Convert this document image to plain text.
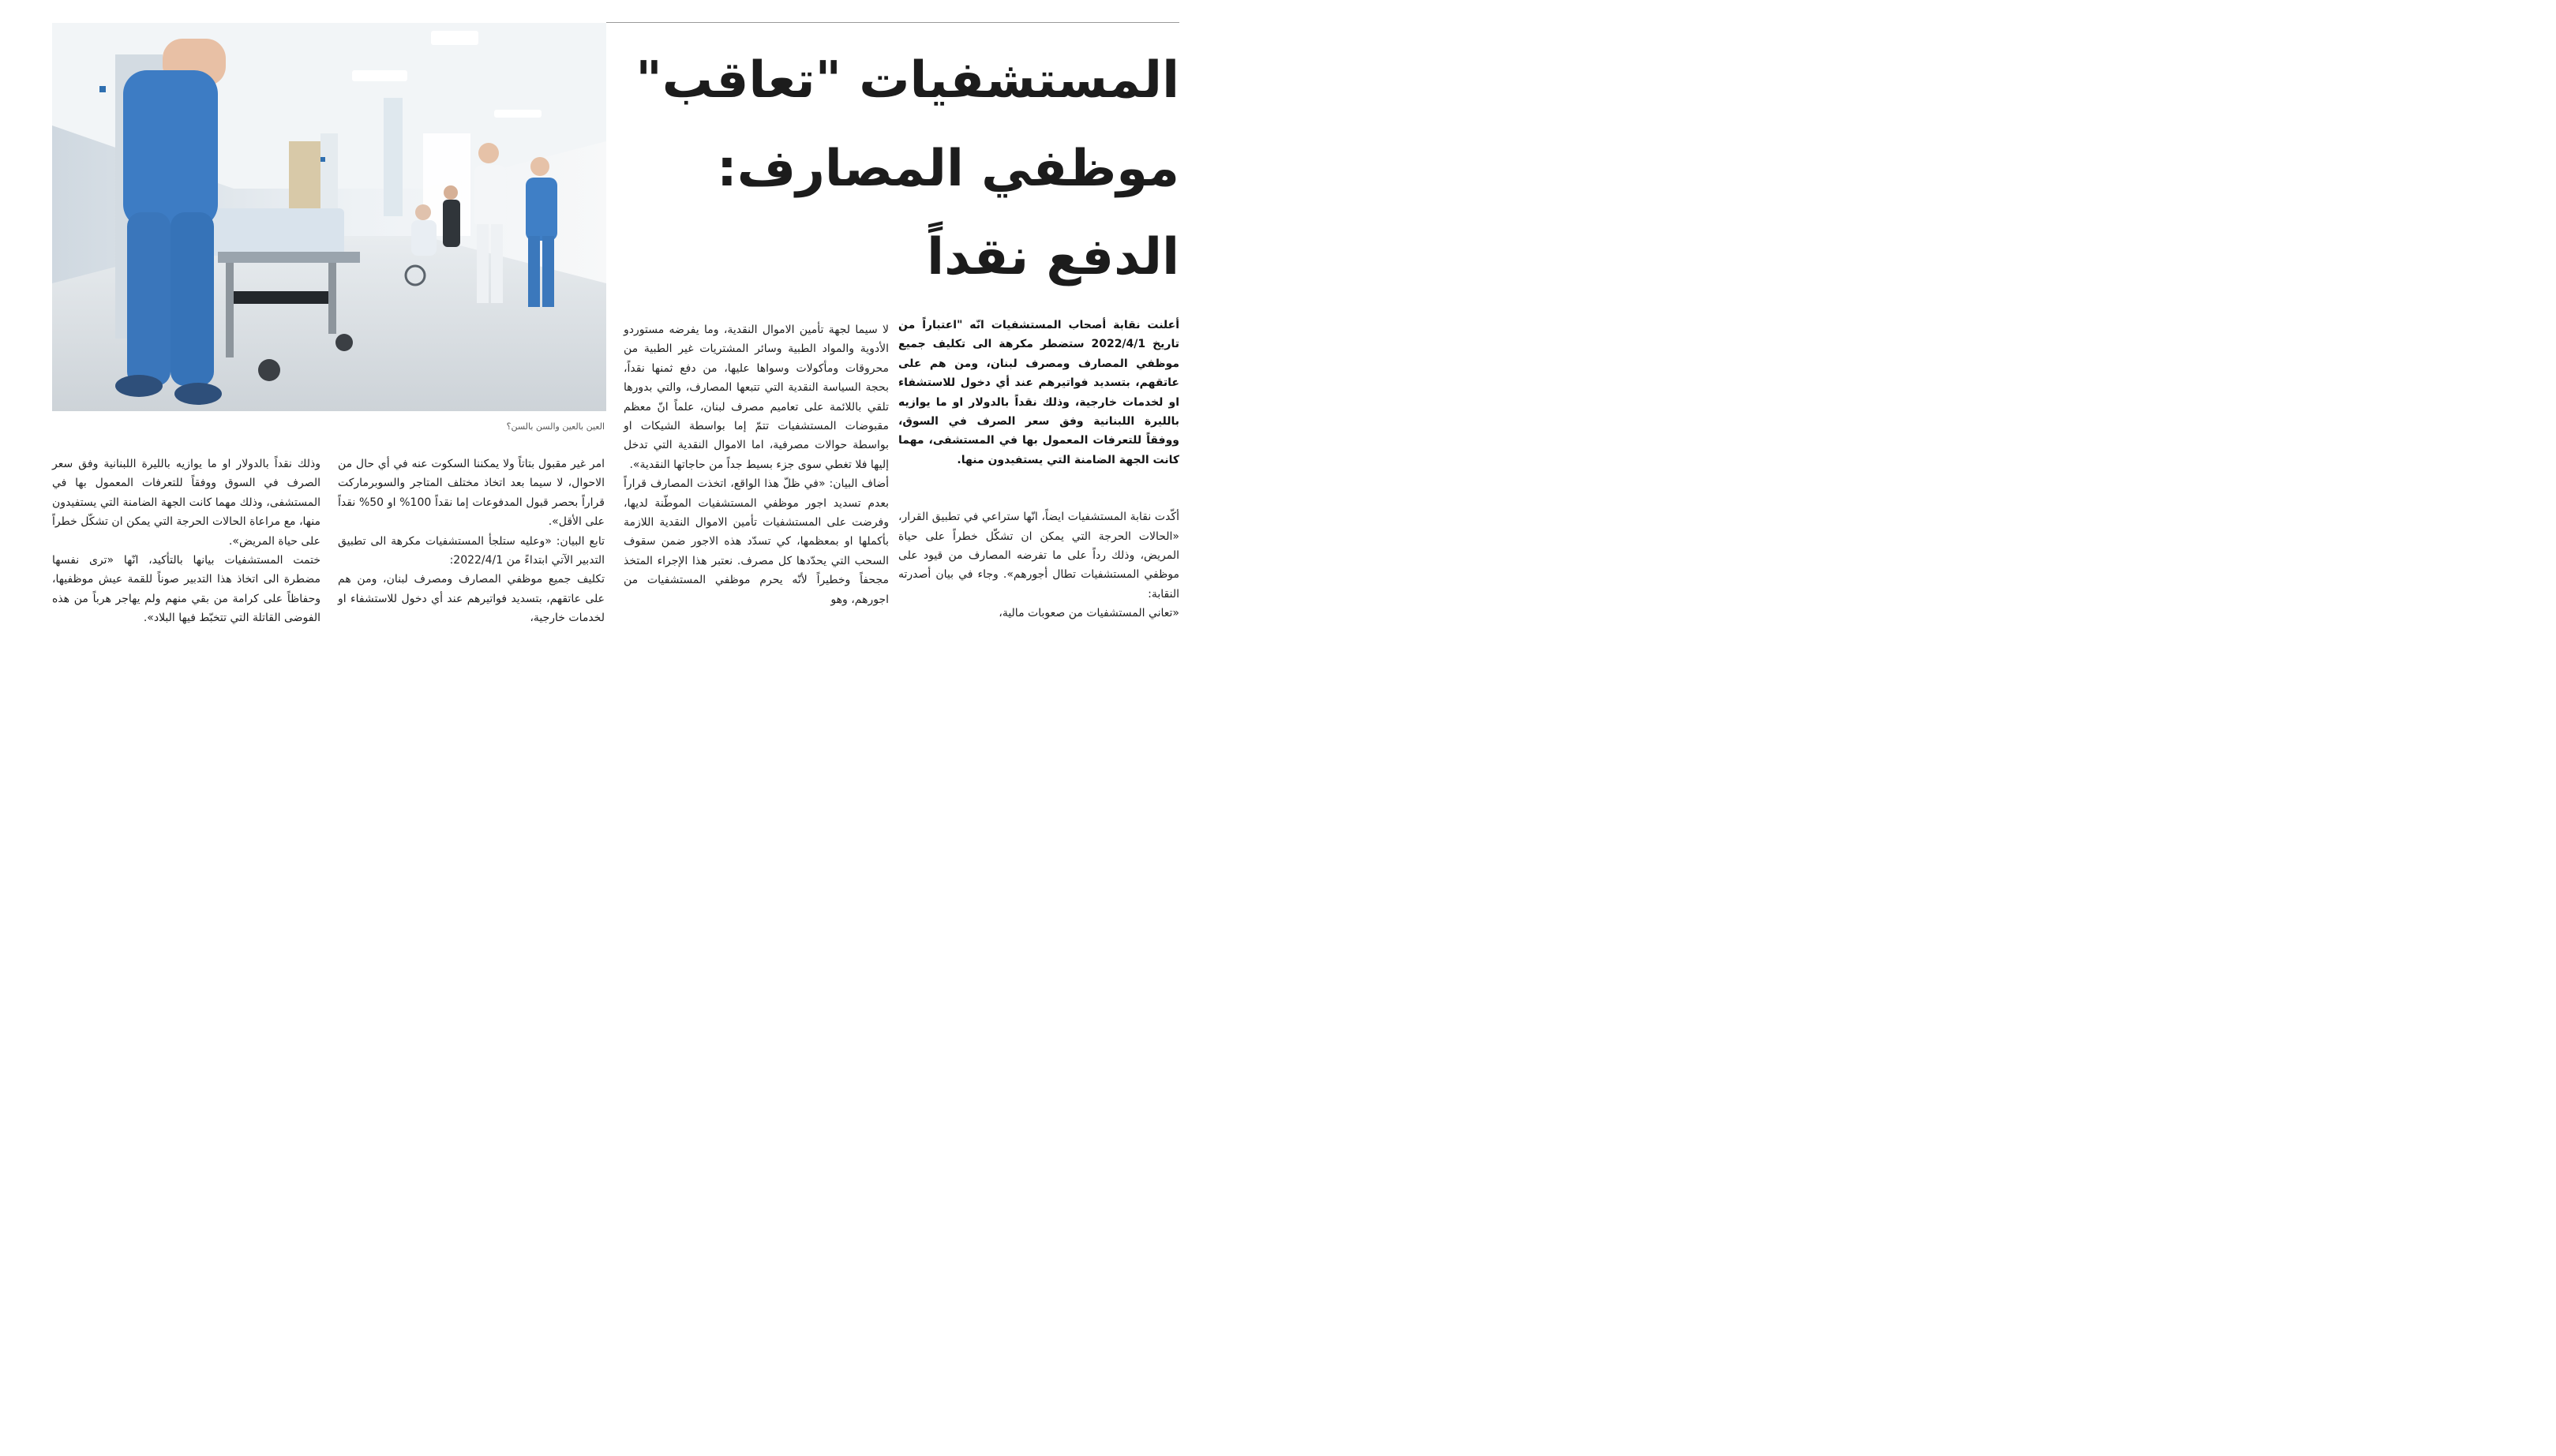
العين بالعين والسن بالسن؟
المستشفيات "تعاقب"
موظفي المصارف:
الدفع نقداً

أعلنت نقابة أصحاب المستشفيات انّه "اعتباراً من تاريخ 2022/4/1 ستضطر مكرهة الى تكليف جميع موظفي المصارف ومصرف لبنان، ومن هم على عاتقهم، بتسديد فواتيرهم عند أي دخول للاستشفاء او لخدمات خارجية، وذلك نقداً بالدولار او ما يوازيه بالليرة اللبنانية وفق سعر الصرف في السوق، ووفقاً للتعرفات المعمول بها في المستشفى، مهما كانت الجهة الضامنة التي يستفيدون منها.

أكّدت نقابة المستشفيات ايضاً، انّها ستراعي في تطبيق القرار، «الحالات الحرجة التي يمكن ان تشكّل خطراً على حياة المريض، وذلك رداً على ما تفرضه المصارف من قيود على موظفي المستشفيات تطال أجورهم». وجاء في بيان أصدرته النقابة:

«تعاني المستشفيات من صعوبات مالية،

لا سيما لجهة تأمين الاموال النقدية، وما يفرضه مستوردو الأدوية والمواد الطبية وسائر المشتريات غير الطبية من محروقات ومأكولات وسواها عليها، من دفع ثمنها نقداً، بحجة السياسة النقدية التي تتبعها المصارف، والتي بدورها تلقي باللائمة على تعاميم مصرف لبنان، علماً انّ معظم مقبوضات المستشفيات تتمّ إما بواسطة الشيكات او بواسطة حوالات مصرفية، اما الاموال النقدية التي تدخل إليها فلا تغطي سوى جزء بسيط جداً من حاجاتها النقدية».

أضاف البيان: «في ظلّ هذا الواقع، اتخذت المصارف قراراً بعدم تسديد اجور موظفي المستشفيات الموطّنة لديها، وفرضت على المستشفيات تأمين الاموال النقدية اللازمة بأكملها او بمعظمها، كي تسدّد هذه الاجور ضمن سقوف السحب التي يحدّدها كل مصرف. نعتبر هذا الإجراء المتخذ مجحفاً وخطيراً لأنّه يحرم موظفي المستشفيات من اجورهم، وهو

امر غير مقبول بتاتاً ولا يمكننا السكوت عنه في أي حال من الاحوال، لا سيما بعد اتخاذ مختلف المتاجر والسوبرماركت قراراً بحصر قبول المدفوعات إما نقداً 100% او 50% نقداً على الأقل».

تابع البيان: «وعليه ستلجأ المستشفيات مكرهة الى تطبيق التدبير الآتي ابتداءً من 2022/4/1:

تكليف جميع موظفي المصارف ومصرف لبنان، ومن هم على عاتقهم، بتسديد فواتيرهم عند أي دخول للاستشفاء او لخدمات خارجية،

وذلك نقداً بالدولار او ما يوازيه بالليرة اللبنانية وفق سعر الصرف في السوق ووفقاً للتعرفات المعمول بها في المستشفى، وذلك مهما كانت الجهة الضامنة التي يستفيدون منها، مع مراعاة الحالات الحرجة التي يمكن ان تشكّل خطراً على حياة المريض».

ختمت المستشفيات بيانها بالتأكيد، انّها «ترى نفسها مضطرة الى اتخاذ هذا التدبير صوناً للقمة عيش موظفيها، وحفاظاً على كرامة من بقي منهم ولم يهاجر هرباً من هذه الفوضى القاتلة التي تتخبّط فيها البلاد».
